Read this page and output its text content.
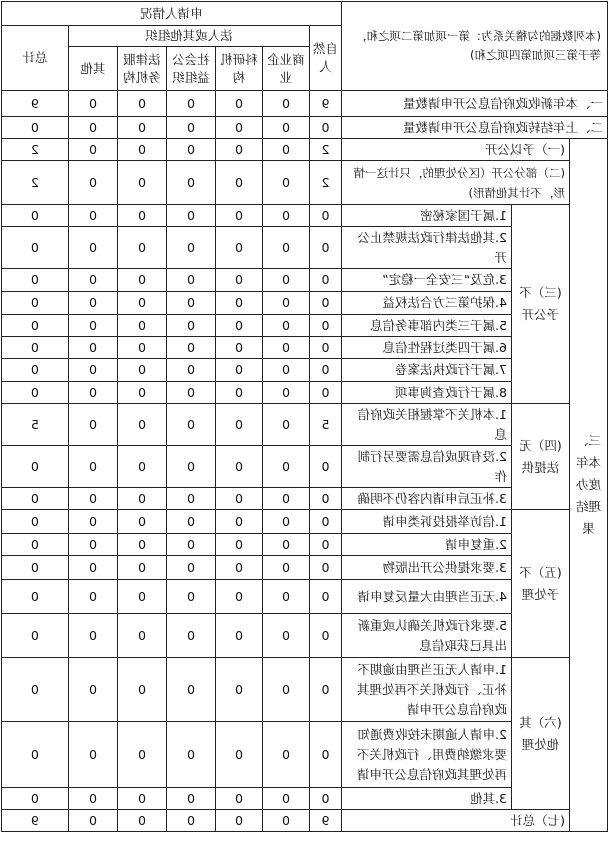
(本列数据的勾稽关系为：第一项加第二项之和，等于第三项加第四项之和)			申请人情况						
			自然人	法人或其他组织					总计
				商业企业	科研机构	社会公益组织	法律服务机构	其他	
一、本年新收政府信息公开申请数量			9	0	0	0	0	0	9
二、上年结转政府信息公开申请数量			0	0	0	0	0	0	0
三、本年度办理结果	(一）予以公开		2	0	0	0	0	0	2
	(二）部分公开（区分处理的，只计这一情形，不计其他情形)		2	0	0	0	0	0	2
	(三）不予公开	1.属于国家秘密	0	0	0	0	0	0	0
		2.其他法律行政法规禁止公开	0	0	0	0	0	0	0
		3.危及“三安全一稳定”	0	0	0	0	0	0	0
		4.保护第三方合法权益	0	0	0	0	0	0	0
		5.属于三类内部事务信息	0	0	0	0	0	0	0
		6.属于四类过程性信息	0	0	0	0	0	0	0
		7.属于行政执法案卷	0	0	0	0	0	0	0
		8.属于行政查询事项	0	0	0	0	0	0	0
	(四）无法提供	1.本机关不掌握相关政府信息	5	0	0	0	0	0	5
		2.没有现成信息需要另行制作	0	0	0	0	0	0	0
		3.补正后申请内容仍不明确	0	0	0	0	0	0	0
	(五）不予处理	1.信访举报投诉类申请	0	0	0	0	0	0	0
		2.重复申请	0	0	0	0	0	0	0
		3.要求提供公开出版物	0	0	0	0	0	0	0
		4.无正当理由大量反复申请	0	0	0	0	0	0	0
		5.要求行政机关确认或重新出具已获取信息	0	0	0	0	0	0	0
	(六）其他处理	1.申请人无正当理由逾期不补正、行政机关不再处理其政府信息公开申请	0	0	0	0	0	0	0
		2.申请人逾期未按收费通知要求缴纳费用、行政机关不再处理其政府信息公开申请	0	0	0	0	0	0	0
		3.其他	0	0	0	0	0	0	0
	(七）总计		9	0	0	0	0	0	9
